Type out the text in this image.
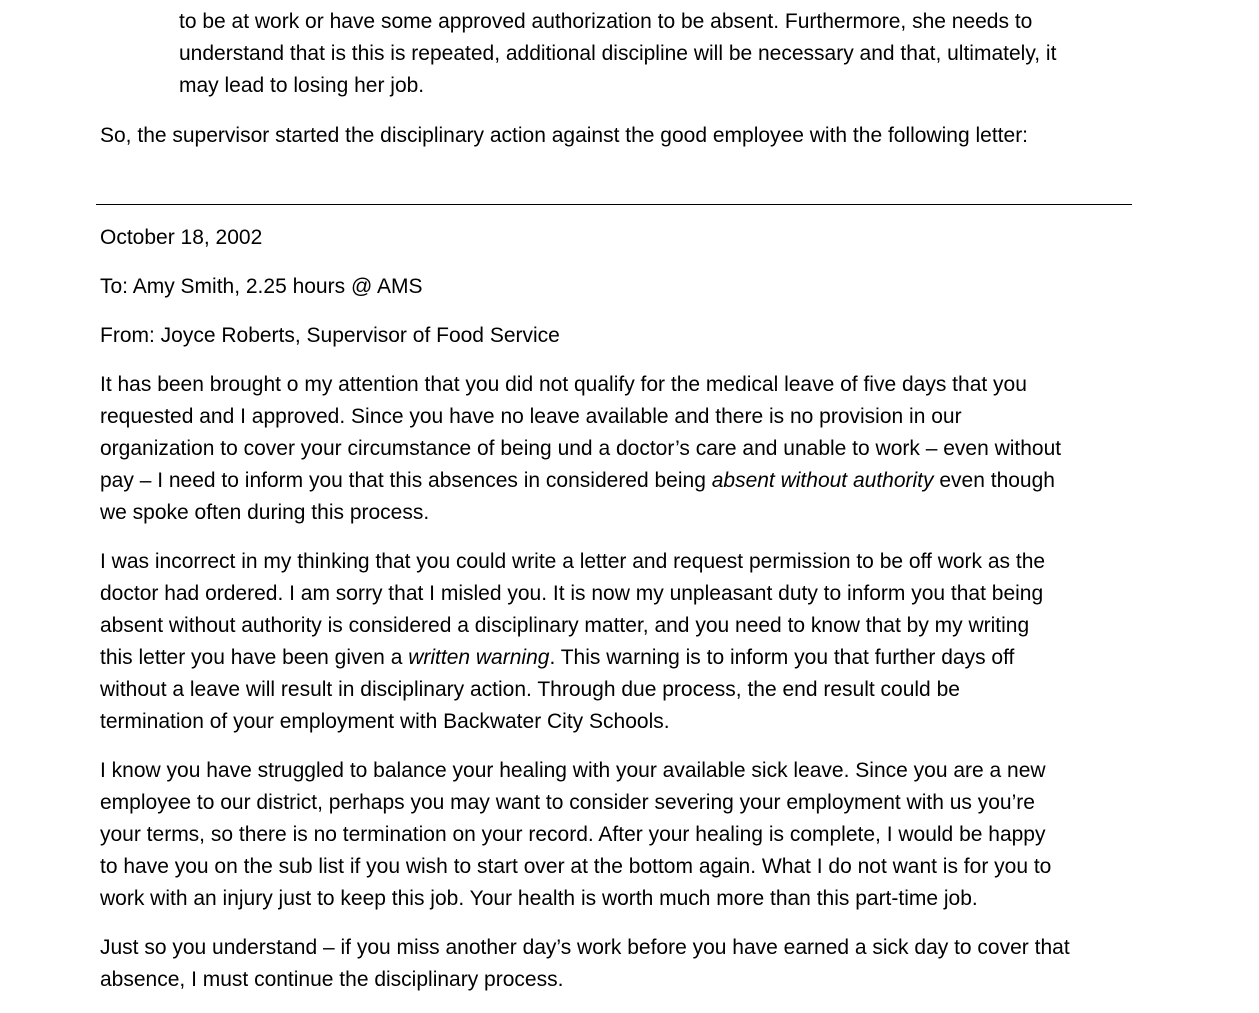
to be at work or have some approved authorization to be absent. Furthermore, she needs to
understand that is this is repeated, additional discipline will be necessary and that, ultimately, it
may lead to losing her job.

So, the supervisor started the disciplinary action against the good employee with the following letter:

October 18, 2002

To: Amy Smith, 2.25 hours @ AMS

From: Joyce Roberts, Supervisor of Food Service

It has been brought o my attention that you did not qualify for the medical leave of five days that you
requested and I approved. Since you have no leave available and there is no provision in our
organization to cover your circumstance of being und a doctor’s care and unable to work – even without
pay – I need to inform you that this absences in considered being absent without authority even though
we spoke often during this process.

I was incorrect in my thinking that you could write a letter and request permission to be off work as the
doctor had ordered. I am sorry that I misled you. It is now my unpleasant duty to inform you that being
absent without authority is considered a disciplinary matter, and you need to know that by my writing
this letter you have been given a written warning. This warning is to inform you that further days off
without a leave will result in disciplinary action. Through due process, the end result could be
termination of your employment with Backwater City Schools.

I know you have struggled to balance your healing with your available sick leave. Since you are a new
employee to our district, perhaps you may want to consider severing your employment with us you’re
your terms, so there is no termination on your record. After your healing is complete, I would be happy
to have you on the sub list if you wish to start over at the bottom again. What I do not want is for you to
work with an injury just to keep this job. Your health is worth much more than this part-time job.

Just so you understand – if you miss another day’s work before you have earned a sick day to cover that
absence, I must continue the disciplinary process.
